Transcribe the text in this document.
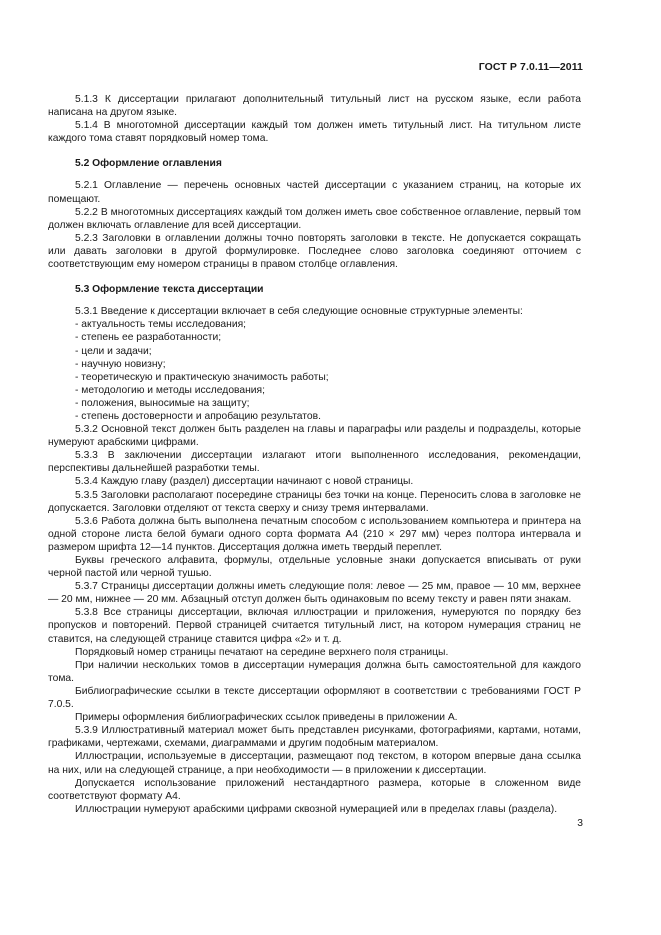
ГОСТ Р 7.0.11—2011

5.1.3 К диссертации прилагают дополнительный титульный лист на русском языке, если работа написана на другом языке.

5.1.4 В многотомной диссертации каждый том должен иметь титульный лист. На титульном листе каждого тома ставят порядковый номер тома.

5.2 Оформление оглавления

5.2.1 Оглавление — перечень основных частей диссертации с указанием страниц, на которые их помещают.

5.2.2 В многотомных диссертациях каждый том должен иметь свое собственное оглавление, первый том должен включать оглавление для всей диссертации.

5.2.3 Заголовки в оглавлении должны точно повторять заголовки в тексте. Не допускается сокращать или давать заголовки в другой формулировке. Последнее слово заголовка соединяют отточием с соответствующим ему номером страницы в правом столбце оглавления.

5.3 Оформление текста диссертации

5.3.1 Введение к диссертации включает в себя следующие основные структурные элементы:

- актуальность темы исследования;
- степень ее разработанности;
- цели и задачи;
- научную новизну;
- теоретическую и практическую значимость работы;
- методологию и методы исследования;
- положения, выносимые на защиту;
- степень достоверности и апробацию результатов.

5.3.2 Основной текст должен быть разделен на главы и параграфы или разделы и подразделы, которые нумеруют арабскими цифрами.

5.3.3 В заключении диссертации излагают итоги выполненного исследования, рекомендации, перспективы дальнейшей разработки темы.

5.3.4 Каждую главу (раздел) диссертации начинают с новой страницы.

5.3.5 Заголовки располагают посередине страницы без точки на конце. Переносить слова в заголовке не допускается. Заголовки отделяют от текста сверху и снизу тремя интервалами.

5.3.6 Работа должна быть выполнена печатным способом с использованием компьютера и принтера на одной стороне листа белой бумаги одного сорта формата А4 (210 × 297 мм) через полтора интервала и размером шрифта 12—14 пунктов. Диссертация должна иметь твердый переплет.

Буквы греческого алфавита, формулы, отдельные условные знаки допускается вписывать от руки черной пастой или черной тушью.

5.3.7 Страницы диссертации должны иметь следующие поля: левое — 25 мм, правое — 10 мм, верхнее — 20 мм, нижнее — 20 мм. Абзацный отступ должен быть одинаковым по всему тексту и равен пяти знакам.

5.3.8 Все страницы диссертации, включая иллюстрации и приложения, нумеруются по порядку без пропусков и повторений. Первой страницей считается титульный лист, на котором нумерация страниц не ставится, на следующей странице ставится цифра «2» и т. д.

Порядковый номер страницы печатают на середине верхнего поля страницы.

При наличии нескольких томов в диссертации нумерация должна быть самостоятельной для каждого тома.

Библиографические ссылки в тексте диссертации оформляют в соответствии с требованиями ГОСТ Р 7.0.5.

Примеры оформления библиографических ссылок приведены в приложении А.

5.3.9 Иллюстративный материал может быть представлен рисунками, фотографиями, картами, нотами, графиками, чертежами, схемами, диаграммами и другим подобным материалом.

Иллюстрации, используемые в диссертации, размещают под текстом, в котором впервые дана ссылка на них, или на следующей странице, а при необходимости — в приложении к диссертации.

Допускается использование приложений нестандартного размера, которые в сложенном виде соответствуют формату А4.

Иллюстрации нумеруют арабскими цифрами сквозной нумерацией или в пределах главы (раздела).

3
